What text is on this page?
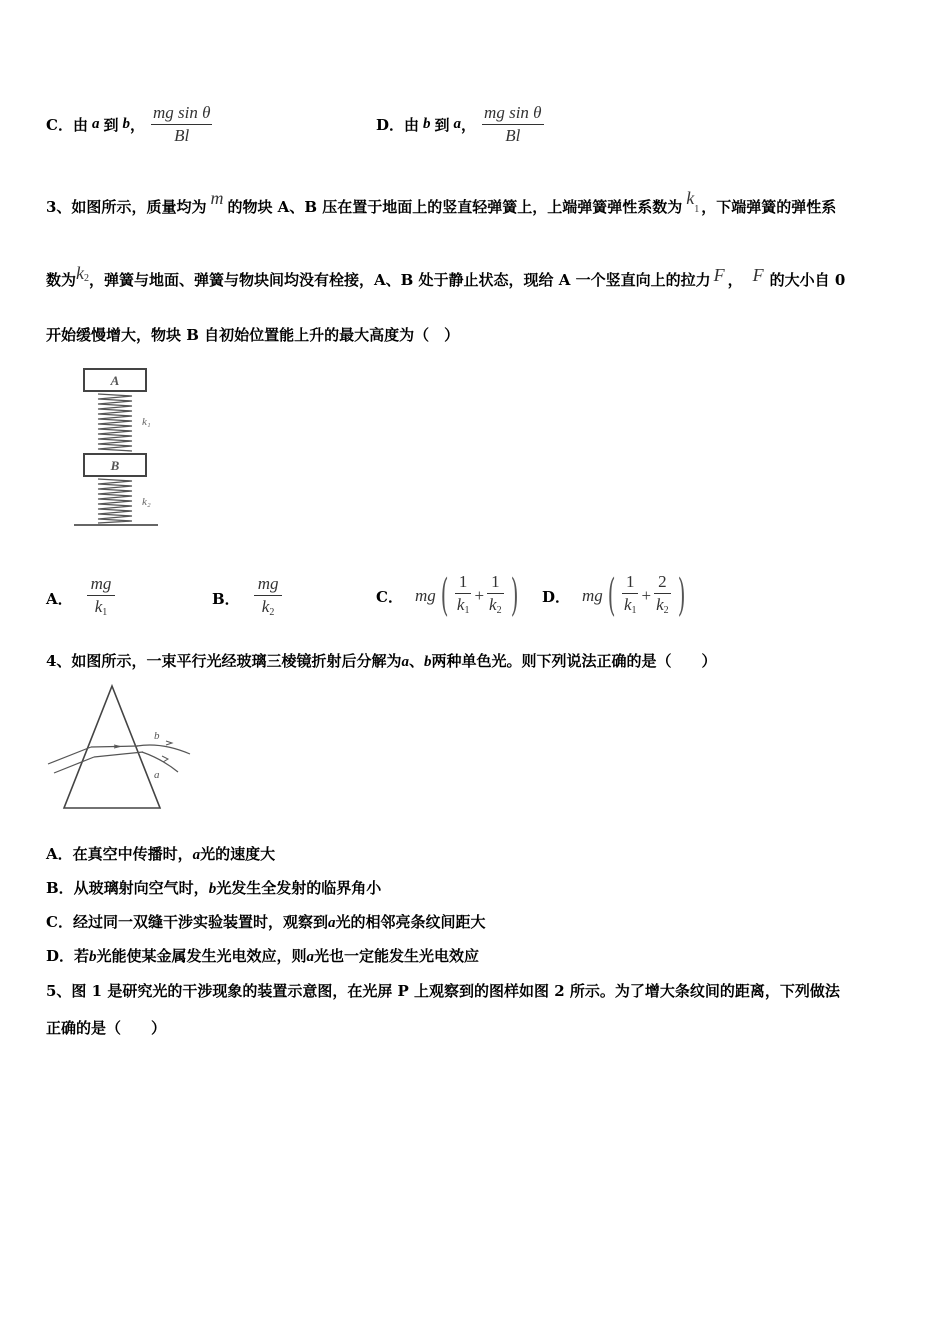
C．由 a 到 b ， $\frac{\text{mg sin θ}}{Bl}$	D．由 b 到 a ， $\frac{\text{mg sin θ}}{Bl}$
3、如图所示，质量均为 m 的物块 A、B 压在置于地面上的竖直轻弹簧上，上端弹簧弹性系数为 k1 ，下端弹簧的弹性系
数为$k^2$，弹簧与地面、弹簧与物块间均没有栓接，A、B 处于静止状态，现给 A 一个竖直向上的拉力 F ， F 的大小自 0
开始缓慢增大，物块 B 自初始位置能上升的最大高度为（　）
A
k₁
B
k₂
A． $\frac{mg}{k_1}$	B． $\frac{mg}{k_2}$	C． mg ( $\frac{1}{k_1} + \frac{1}{k_2}$ ) D． mg ( $\frac{1}{k_1} + \frac{2}{k_2}$ )
4、如图所示，一束平行光经玻璃三棱镜折射后分解为a、b两种单色光。则下列说法正确的是（　　）
b
a
A．在真空中传播时，a光的速度大
B．从玻璃射向空气时，b光发生全发射的临界角小
C．经过同一双缝干涉实验装置时，观察到a光的相邻亮条纹间距大
D．若b光能使某金属发生光电效应，则a光也一定能发生光电效应
5、图 1 是研究光的干涉现象的装置示意图，在光屏 P 上观察到的图样如图 2 所示。为了增大条纹间的距离，下列做法
正确的是（　　）
